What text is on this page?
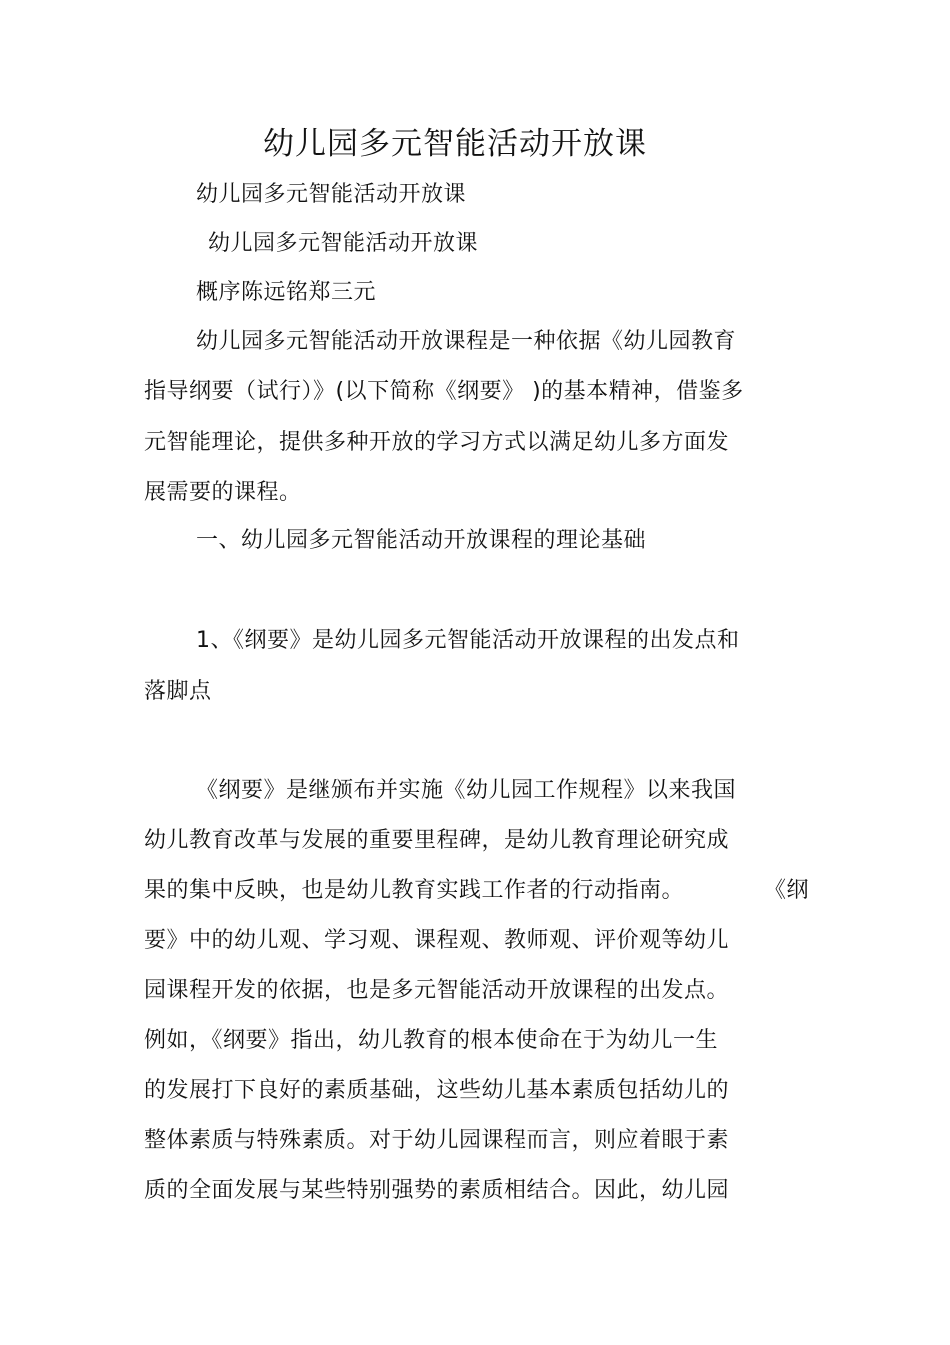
幼儿园多元智能活动开放课
幼儿园多元智能活动开放课
幼儿园多元智能活动开放课
概序陈远铭郑三元
幼儿园多元智能活动开放课程是一种依据《幼儿园教育
指导纲要（试行）》(以下简称《纲要》 )的基本精神，借鉴多
元智能理论，提供多种开放的学习方式以满足幼儿多方面发
展需要的课程。
一、幼儿园多元智能活动开放课程的理论基础
1、《纲要》是幼儿园多元智能活动开放课程的出发点和
落脚点
《纲要》是继颁布并实施《幼儿园工作规程》以来我国
幼儿教育改革与发展的重要里程碑，是幼儿教育理论研究成
果的集中反映，也是幼儿教育实践工作者的行动指南。	《纲
要》中的幼儿观、学习观、课程观、教师观、评价观等幼儿
园课程开发的依据，也是多元智能活动开放课程的出发点。
例如，《纲要》指出，幼儿教育的根本使命在于为幼儿一生
的发展打下良好的素质基础，这些幼儿基本素质包括幼儿的
整体素质与特殊素质。对于幼儿园课程而言，则应着眼于素
质的全面发展与某些特别强势的素质相结合。因此，幼儿园
